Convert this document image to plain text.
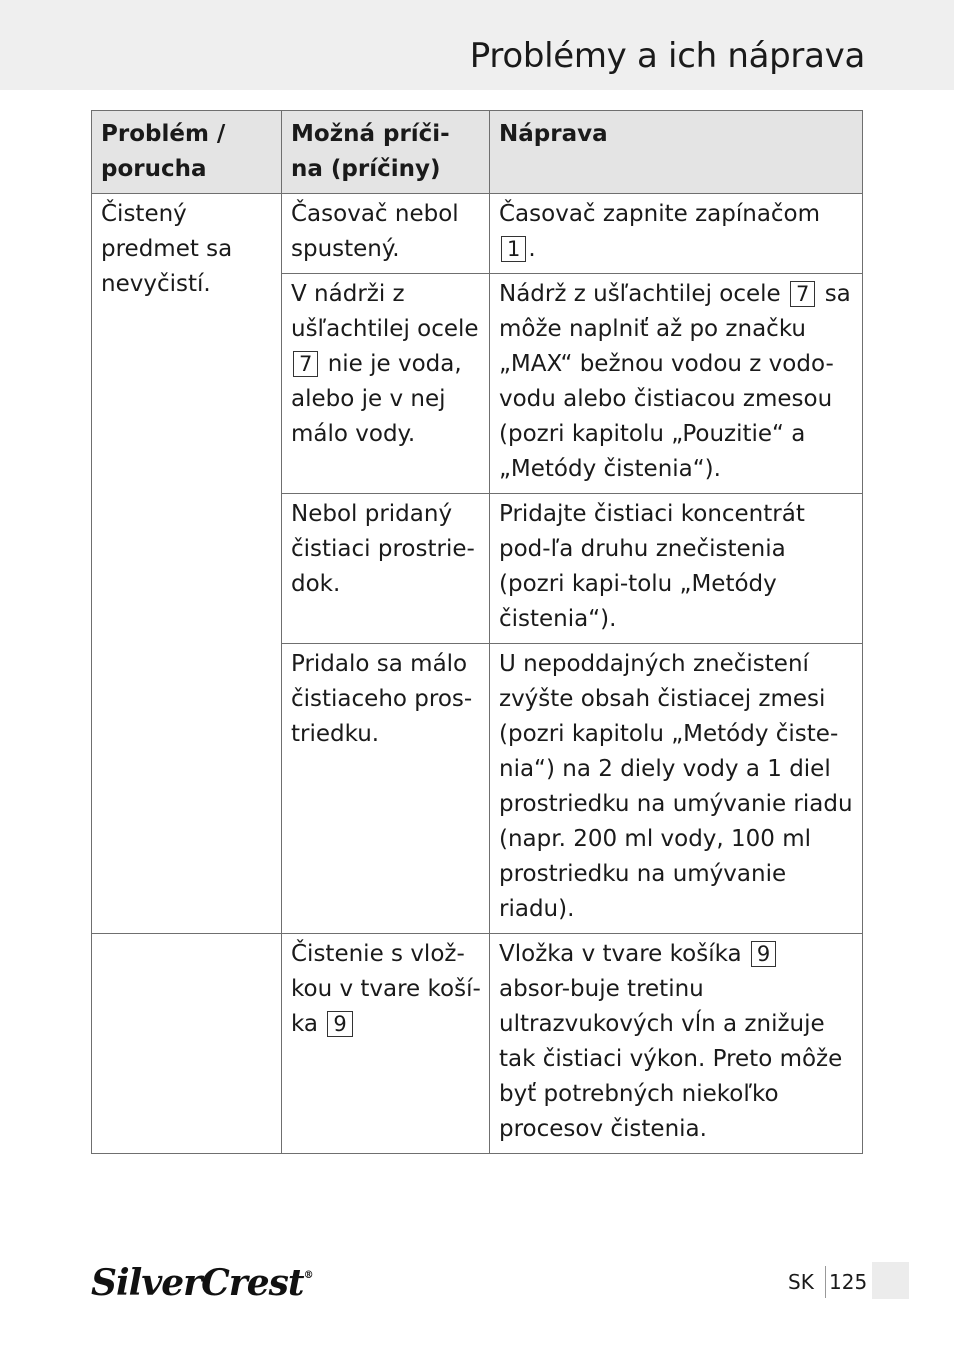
Problémy a ich náprava
Problém / porucha	Možná príči-na (príčiny)	Náprava
Čistený predmet sa nevyčistí.	Časovač nebol spustený.	Časovač zapnite zapínačom 1 .
	V nádrži z ušľachtilej ocele 7 nie je voda, alebo je v nej málo vody.	Nádrž z ušľachtilej ocele 7 sa môže naplniť až po značku „MAX“ bežnou vodou z vodo-vodu alebo čistiacou zmesou (pozri kapitolu „Pouzitie“ a „Metódy čistenia“).
	Nebol pridaný čistiaci prostrie-dok.	Pridajte čistiaci koncentrát pod-ľa druhu znečistenia (pozri kapi-tolu „Metódy čistenia“).
	Pridalo sa málo čistiaceho pros-triedku.	U nepoddajných znečistení zvýšte obsah čistiacej zmesi (pozri kapitolu „Metódy čiste-nia“) na 2 diely vody a 1 diel prostriedku na umývanie riadu (napr. 200 ml vody, 100 ml prostriedku na umývanie riadu).
	Čistenie s vlož-kou v tvare koší-ka 9	Vložka v tvare košíka 9 absor-buje tretinu ultrazvukových vĺn a znižuje tak čistiaci výkon. Preto môže byť potrebných niekoľko procesov čistenia.
SilverCrest®	SK 125
